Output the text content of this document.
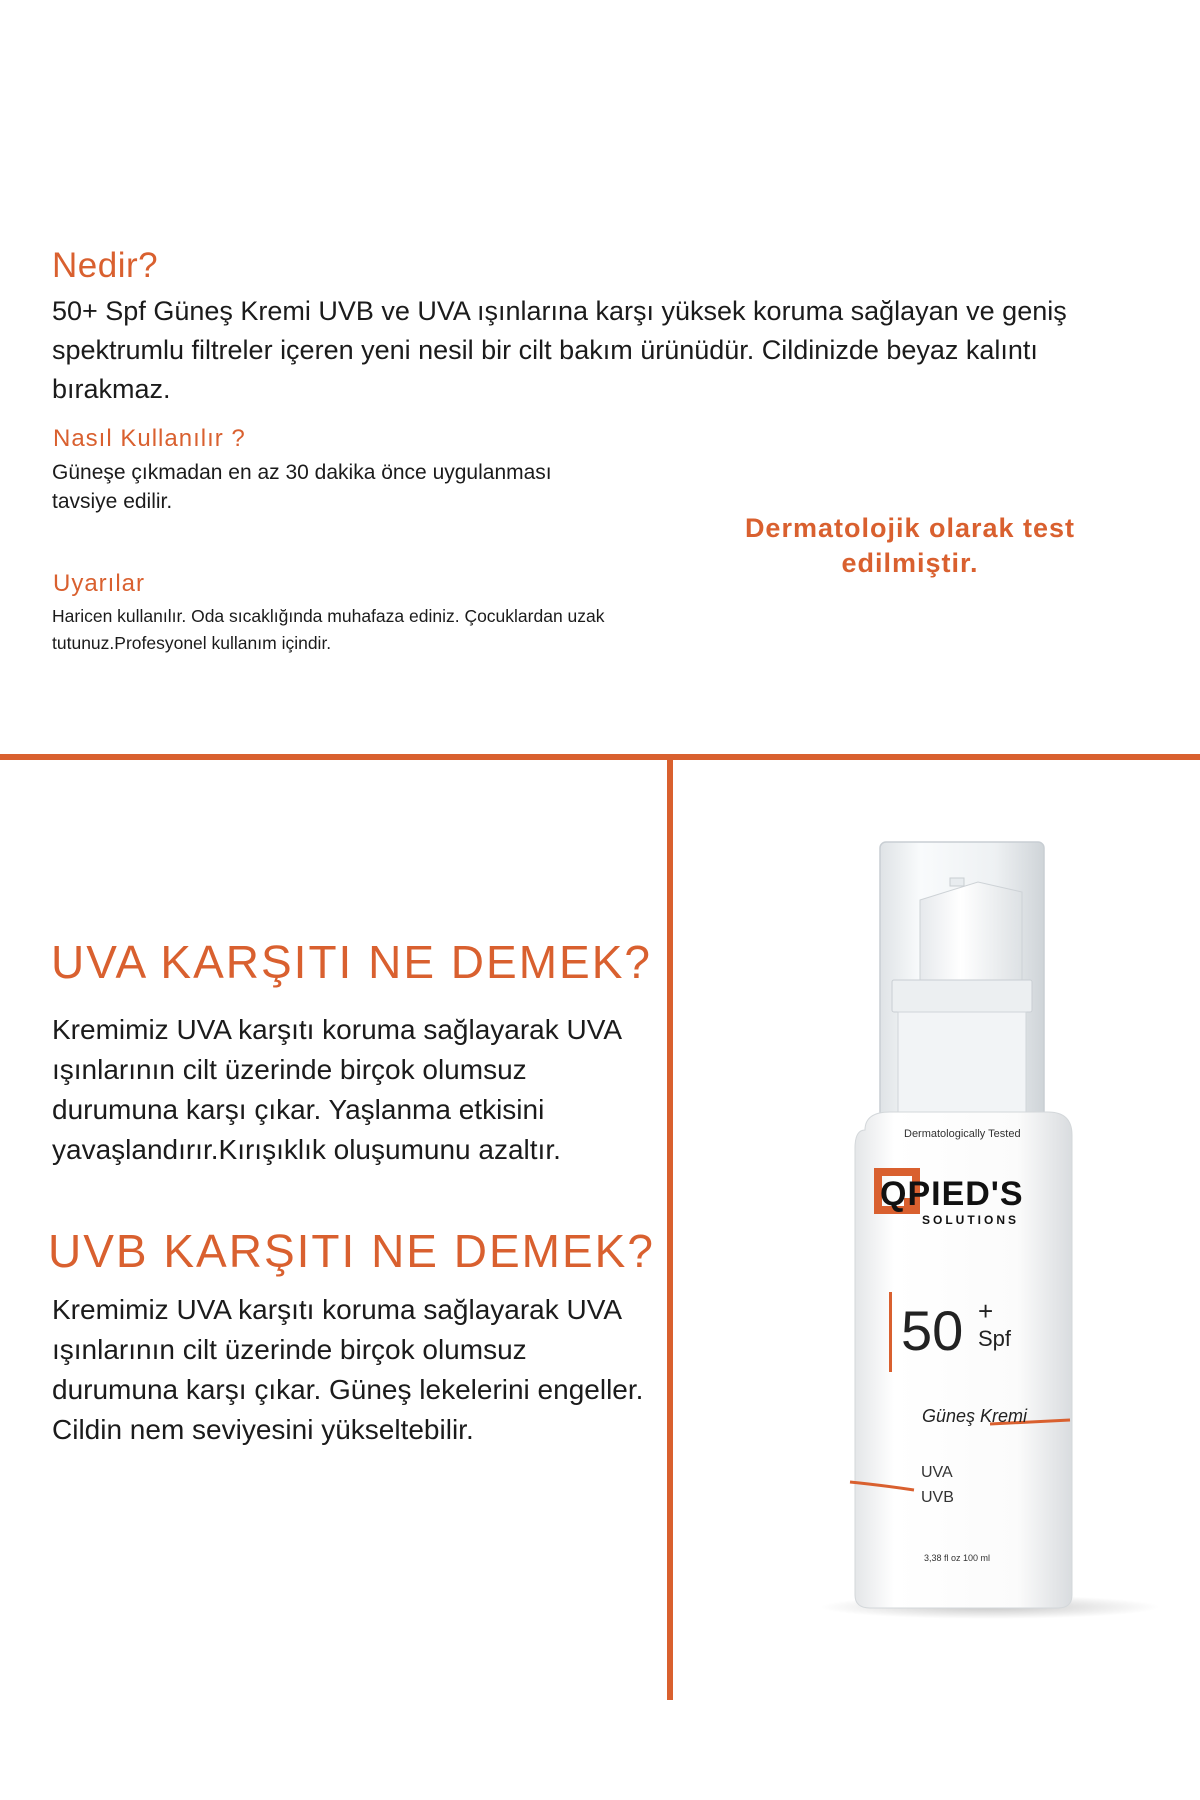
Nedir?

50+ Spf Güneş Kremi UVB ve UVA ışınlarına karşı yüksek koruma sağlayan ve geniş spektrumlu filtreler içeren yeni nesil bir cilt bakım ürünüdür. Cildinizde beyaz kalıntı bırakmaz.

Nasıl Kullanılır ?

Güneşe çıkmadan en az 30 dakika önce uygulanması tavsiye edilir.

Uyarılar

Haricen kullanılır. Oda sıcaklığında muhafaza ediniz. Çocuklardan uzak tutunuz.Profesyonel kullanım içindir.

Dermatolojik olarak test edilmiştir.

UVA KARŞITI NE DEMEK?

Kremimiz UVA karşıtı koruma sağlayarak UVA ışınlarının cilt üzerinde birçok olumsuz durumuna karşı çıkar. Yaşlanma etkisini yavaşlandırır.Kırışıklık oluşumunu azaltır.

UVB KARŞITI NE DEMEK?

Kremimiz UVA karşıtı koruma sağlayarak UVA ışınlarının cilt üzerinde birçok olumsuz durumuna karşı çıkar. Güneş lekelerini engeller. Cildin nem seviyesini yükseltebilir.

Dermatologically Tested
QPIED'S
SOLUTIONS
50 +
Spf
Güneş Kremi
UVA
UVB
3,38 fl oz 100 ml
